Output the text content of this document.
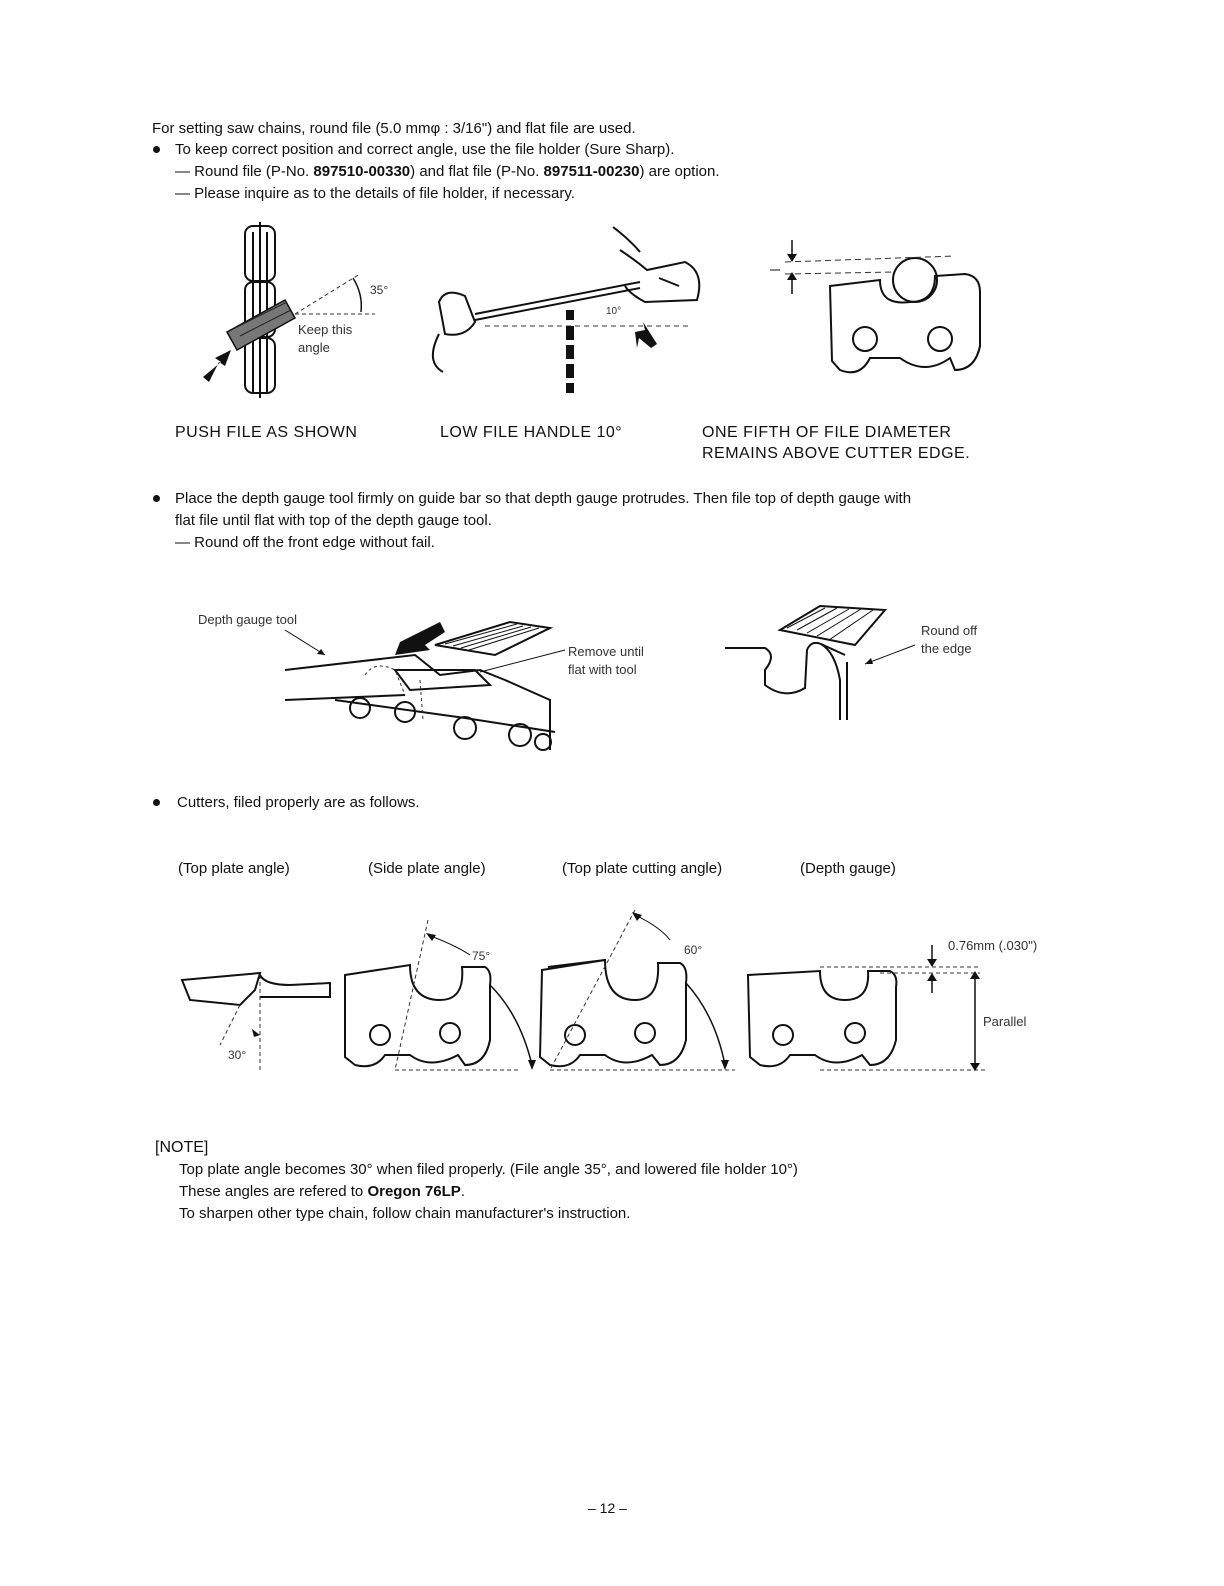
For setting saw chains, round file (5.0 mmφ : 3/16") and flat file are used.
To keep correct position and correct angle, use the file holder (Sure Sharp).
— Round file (P-No. 897510-00330) and flat file (P-No. 897511-00230) are option.
— Please inquire as to the details of file holder, if necessary.
35°
Keep this
angle
PUSH FILE AS SHOWN
10°
LOW FILE HANDLE 10°	ONE FIFTH OF FILE DIAMETER
REMAINS ABOVE CUTTER EDGE.
Place the depth gauge tool firmly on guide bar so that depth gauge protrudes. Then file top of depth gauge with
flat file until flat with top of the depth gauge tool.
— Round off the front edge without fail.
Depth gauge tool
Remove until
flat with tool
Round off
the edge
Cutters, filed properly are as follows.
(Top plate angle)	(Side plate angle)	(Top plate cutting angle)	(Depth gauge)
30°
75°	60°	0.76mm (.030")
Parallel
[NOTE]
Top plate angle becomes 30° when filed properly. (File angle 35°, and lowered file holder 10°)
These angles are refered to Oregon 76LP.
To sharpen other type chain, follow chain manufacturer's instruction.
– 12 –
